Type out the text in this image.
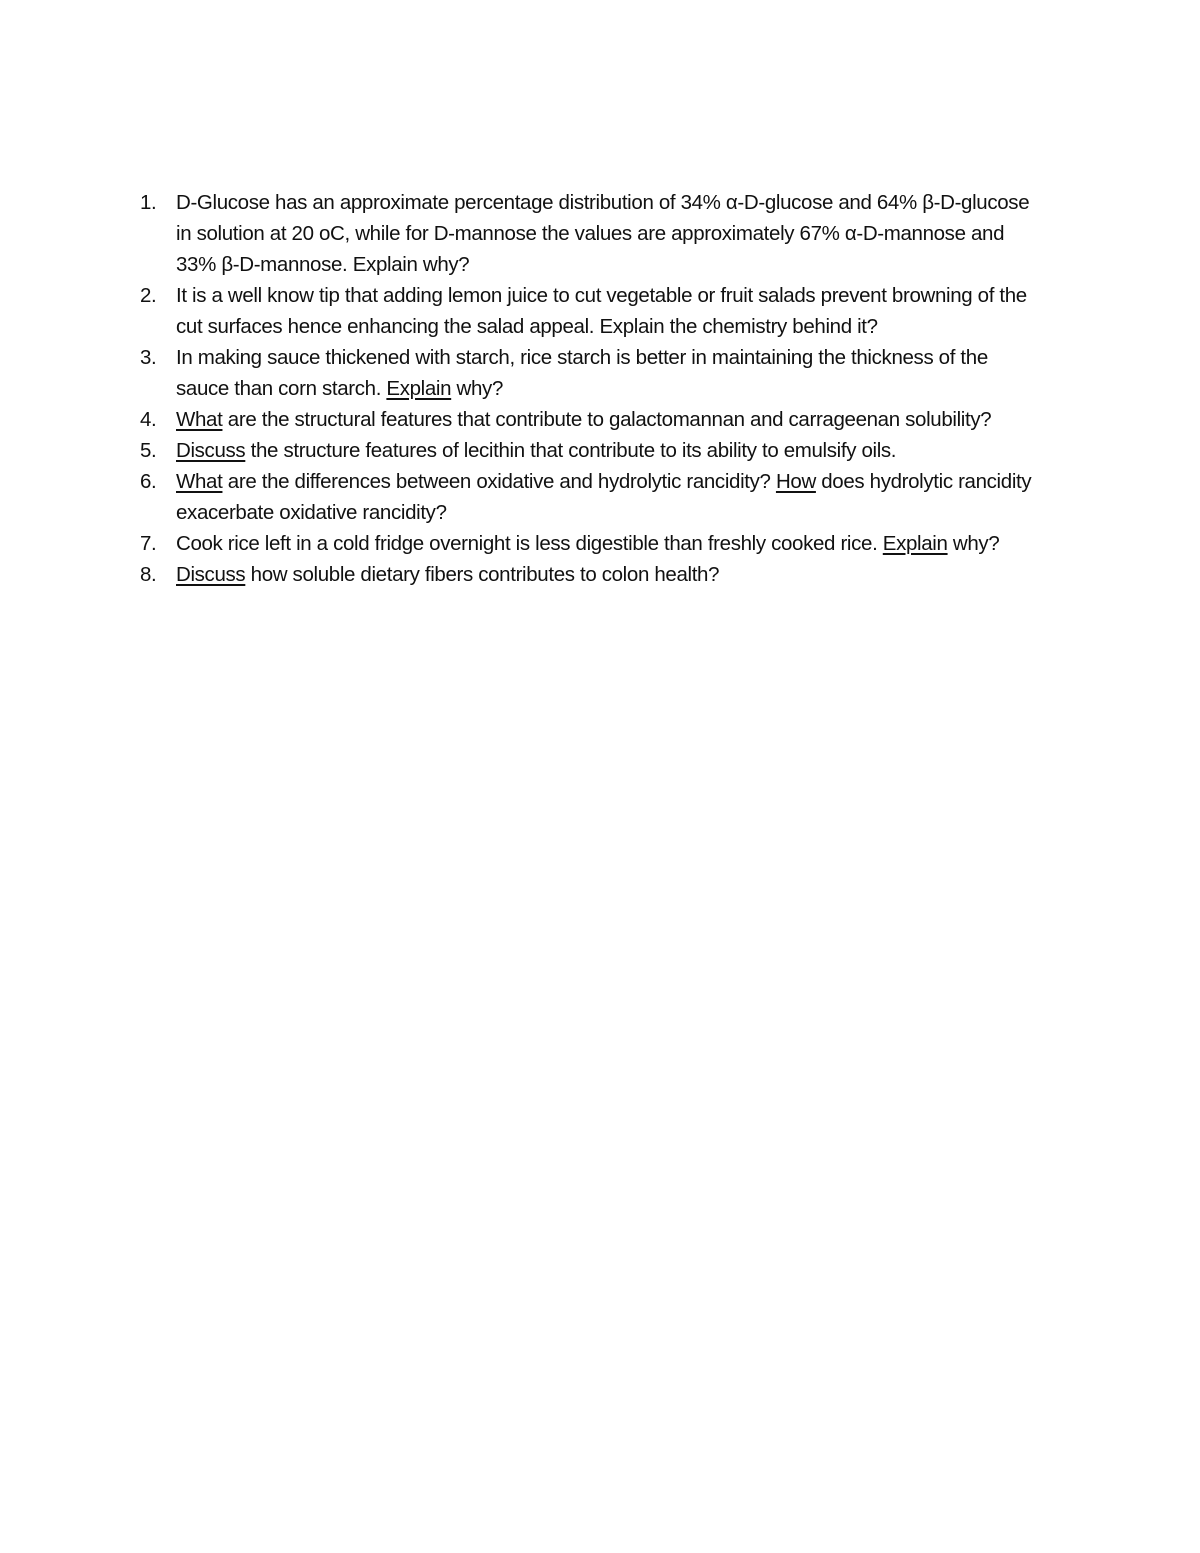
1. D-Glucose has an approximate percentage distribution of 34% α-D-glucose and 64% β-D-glucose in solution at 20 oC, while for D-mannose the values are approximately 67% α-D-mannose and 33% β-D-mannose. Explain why?
2. It is a well know tip that adding lemon juice to cut vegetable or fruit salads prevent browning of the cut surfaces hence enhancing the salad appeal. Explain the chemistry behind it?
3. In making sauce thickened with starch, rice starch is better in maintaining the thickness of the sauce than corn starch. Explain why?
4. What are the structural features that contribute to galactomannan and carrageenan solubility?
5. Discuss the structure features of lecithin that contribute to its ability to emulsify oils.
6. What are the differences between oxidative and hydrolytic rancidity? How does hydrolytic rancidity exacerbate oxidative rancidity?
7. Cook rice left in a cold fridge overnight is less digestible than freshly cooked rice. Explain why?
8. Discuss how soluble dietary fibers contributes to colon health?
